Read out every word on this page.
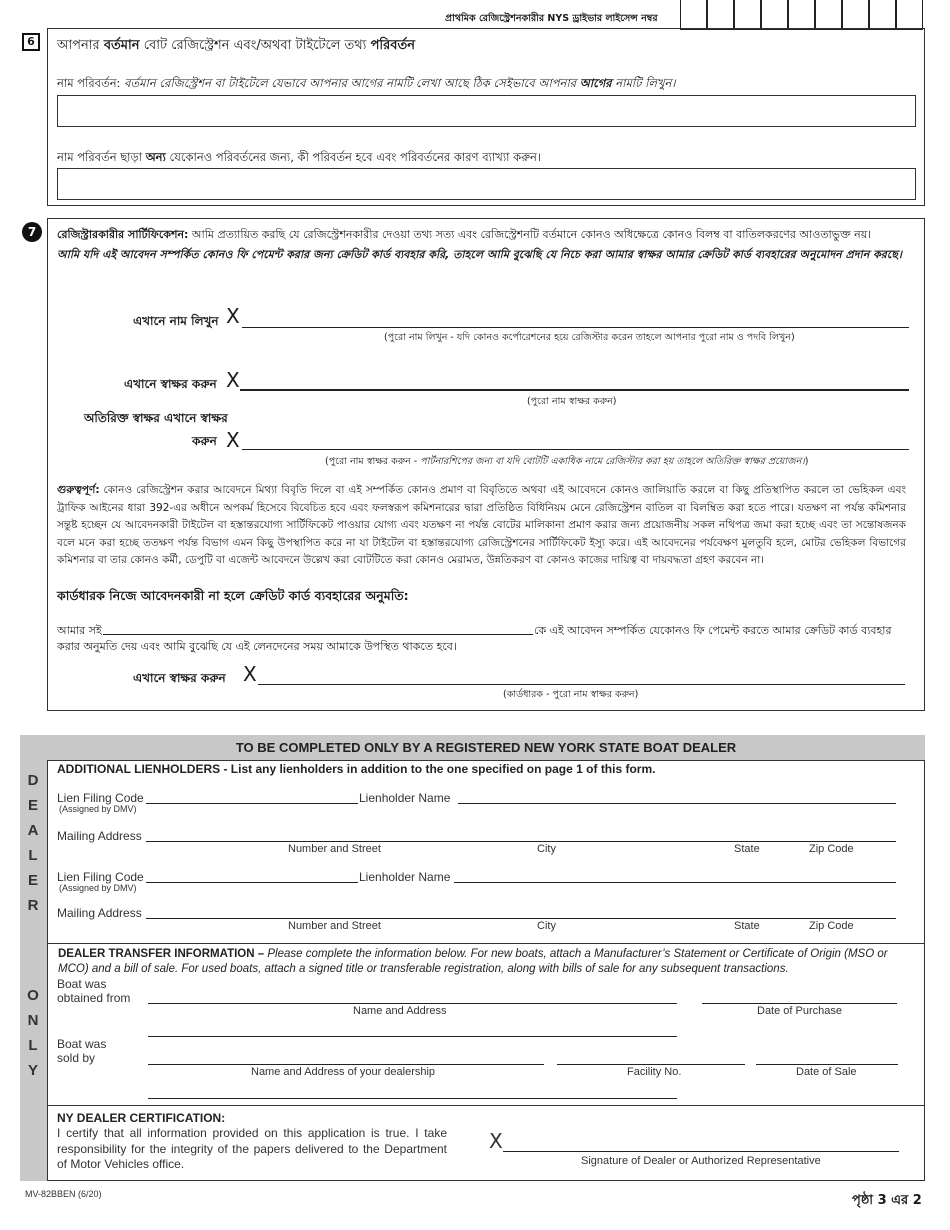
প্রাথমিক রেজিস্ট্রেশনকারীর NYS ড্রাইভার লাইসেন্স নম্বর
6	আপনার বর্তমান বোট রেজিস্ট্রেশন এবং/অথবা টাইটেলে তথ্য পরিবর্তন
নাম পরিবর্তন: বর্তমান রেজিস্ট্রেশন বা টাইটেলে যেভাবে আপনার আগের নামটি লেখা আছে ঠিক সেইভাবে আপনার আগের নামটি লিখুন।
নাম পরিবর্তন ছাড়া অন্য যেকোনও পরিবর্তনের জন্য, কী পরিবর্তন হবে এবং পরিবর্তনের কারণ ব্যাখ্যা করুন।
7	রেজিস্ট্রারকারীর সার্টিফিকেশন: আমি প্রত্যায়িত করছি যে রেজিস্ট্রেশনকারীর দেওয়া তথ্য সত্য এবং রেজিস্ট্রেশনটি বর্তমানে কোনও অধিক্ষেত্রে কোনও বিলম্ব বা বাতিলকরণের আওতাভুক্ত নয়।
আমি যদি এই আবেদন সম্পর্কিত কোনও ফি পেমেন্ট করার জন্য ক্রেডিট কার্ড ব্যবহার করি, তাহলে আমি বুঝেছি যে নিচে করা আমার স্বাক্ষর আমার ক্রেডিট কার্ড ব্যবহারের অনুমোদন প্রদান করছে।
এখানে নাম লিখুন X
(পুরো নাম লিখুন - যদি কোনও কর্পোরেশনের হয়ে রেজিস্টার করেন তাহলে আপনার পুরো নাম ও পদবি লিখুন)
এখানে স্বাক্ষর করুন X
(পুরো নাম স্বাক্ষর করুন)
অতিরিক্ত স্বাক্ষর এখানে স্বাক্ষর
করুন X
(পুরো নাম স্বাক্ষর করুন - পার্টনারশিপের জন্য বা যদি বোটটি একাধিক নামে রেজিস্টার করা হয় তাহলে অতিরিক্ত স্বাক্ষর প্রয়োজন।)
গুরুত্বপূর্ণ: কোনও রেজিস্ট্রেশন করার আবেদনে মিথ্যা বিবৃতি দিলে বা এই সম্পর্কিত কোনও প্রমাণ বা বিবৃতিতে অথবা এই আবেদনে কোনও জালিয়াতি করলে বা কিছু প্রতিস্থাপিত করলে তা ভেহিকল এবং ট্রাফিক আইনের ধারা 392-এর অধীনে অপকর্ম হিসেবে বিবেচিত হবে এবং ফলস্বরূপ কমিশনারের দ্বারা প্রতিষ্ঠিত বিধিনিয়ম মেনে রেজিস্ট্রেশন বাতিল বা বিলম্বিত করা হতে পারে। যতক্ষণ না পর্যন্ত কমিশনার সন্তুষ্ট হচ্ছেন যে আবেদনকারী টাইটেল বা হস্তান্তরযোগ্য সার্টিফিকেট পাওয়ার যোগ্য এবং যতক্ষণ না পর্যন্ত বোটের মালিকানা প্রমাণ করার জন্য প্রয়োজনীয় সকল নথিপত্র জমা করা হচ্ছে এবং তা সন্তোষজনক বলে মনে করা হচ্ছে ততক্ষণ পর্যন্ত বিভাগ এমন কিছু উপস্থাপিত করে না যা টাইটেল বা হস্তান্তরযোগ্য রেজিস্ট্রেশনের সার্টিফিকেট ইস্যু করে। এই আবেদনের পর্যবেক্ষণ মুলতুবি হলে, মোটর ভেহিকল বিভাগের কমিশনার বা তার কোনও কর্মী, ডেপুটি বা এজেন্ট আবেদনে উল্লেখ করা বোটটিতে করা কোনও মেরামত, উন্নতিকরণ বা কোনও কাজের দায়িত্ব বা দায়বদ্ধতা গ্রহণ করবেন না।
কার্ডধারক নিজে আবেদনকারী না হলে ক্রেডিট কার্ড ব্যবহারের অনুমতি:
আমার সই	কে এই আবেদন সম্পর্কিত যেকোনও ফি পেমেন্ট করতে আমার ক্রেডিট কার্ড ব্যবহার
করার অনুমতি দেয় এবং আমি বুঝেছি যে এই লেনদেনের সময় আমাকে উপস্থিত থাকতে হবে।
এখানে স্বাক্ষর করুন X
(কার্ডধারক - পুরো নাম স্বাক্ষর করুন)
TO BE COMPLETED ONLY BY A REGISTERED NEW YORK STATE BOAT DEALER
D
E
A
L
E
R
O
N
L
Y
ADDITIONAL LIENHOLDERS - List any lienholders in addition to the one specified on page 1 of this form.
Lien Filing Code
(Assigned by DMV)
Lienholder Name
Mailing Address
Number and Street	City	State	Zip Code
Lien Filing Code
(Assigned by DMV)
Lienholder Name
Mailing Address
Number and Street	City	State	Zip Code
DEALER TRANSFER INFORMATION – Please complete the information below. For new boats, attach a Manufacturer’s Statement or Certificate of Origin (MSO or MCO) and a bill of sale. For used boats, attach a signed title or transferable registration, along with bills of sale for any subsequent transactions.
Boat was
obtained from
Name and Address	Date of Purchase
Boat was
sold by
Name and Address of your dealership	Facility No.	Date of Sale
NY DEALER CERTIFICATION:
I certify that all information provided on this application is true. I take responsibility for the integrity of the papers delivered to the Department of Motor Vehicles office.
X
Signature of Dealer or Authorized Representative
MV-82BBEN (6/20)	পৃষ্ঠা 3 এর 2
